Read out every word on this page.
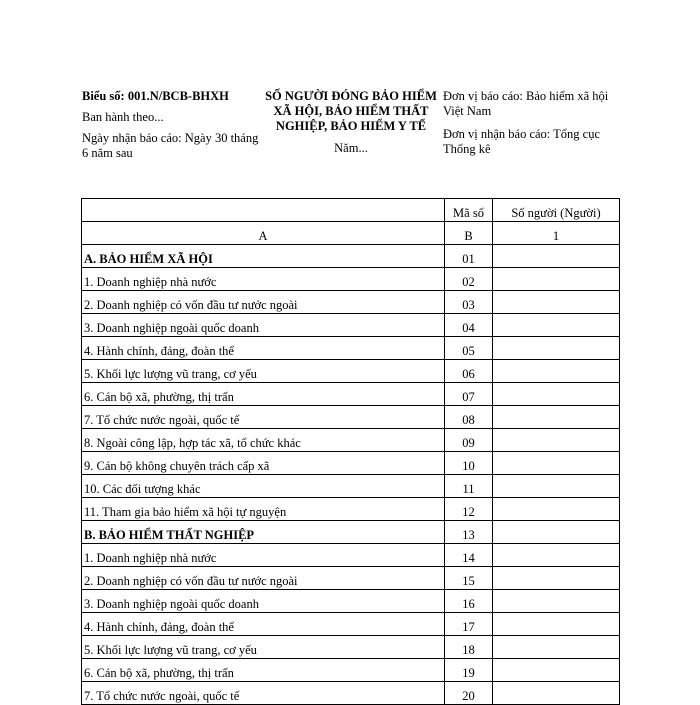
Biểu số: 001.N/BCB-BHXH

Ban hành theo...

Ngày nhận báo cáo: Ngày 30 tháng 6 năm sau

SỐ NGƯỜI ĐÓNG BẢO HIỂM XÃ HỘI, BẢO HIỂM THẤT NGHIỆP, BẢO HIỂM Y TẾ
Năm...

Đơn vị báo cáo: Bảo hiểm xã hội Việt Nam

Đơn vị nhận báo cáo: Tổng cục Thống kê

	Mã số	Số người (Người)
A	B	1
A. BẢO HIỂM XÃ HỘI	01	
1. Doanh nghiệp nhà nước	02	
2. Doanh nghiệp có vốn đầu tư nước ngoài	03	
3. Doanh nghiệp ngoài quốc doanh	04	
4. Hành chính, đảng, đoàn thể	05	
5. Khối lực lượng vũ trang, cơ yếu	06	
6. Cán bộ xã, phường, thị trấn	07	
7. Tổ chức nước ngoài, quốc tế	08	
8. Ngoài công lập, hợp tác xã, tổ chức khác	09	
9. Cán bộ không chuyên trách cấp xã	10	
10. Các đối tượng khác	11	
11. Tham gia bảo hiểm xã hội tự nguyện	12	
B. BẢO HIỂM THẤT NGHIỆP	13	
1. Doanh nghiệp nhà nước	14	
2. Doanh nghiệp có vốn đầu tư nước ngoài	15	
3. Doanh nghiệp ngoài quốc doanh	16	
4. Hành chính, đảng, đoàn thể	17	
5. Khối lực lượng vũ trang, cơ yếu	18	
6. Cán bộ xã, phường, thị trấn	19	
7. Tổ chức nước ngoài, quốc tế	20	
